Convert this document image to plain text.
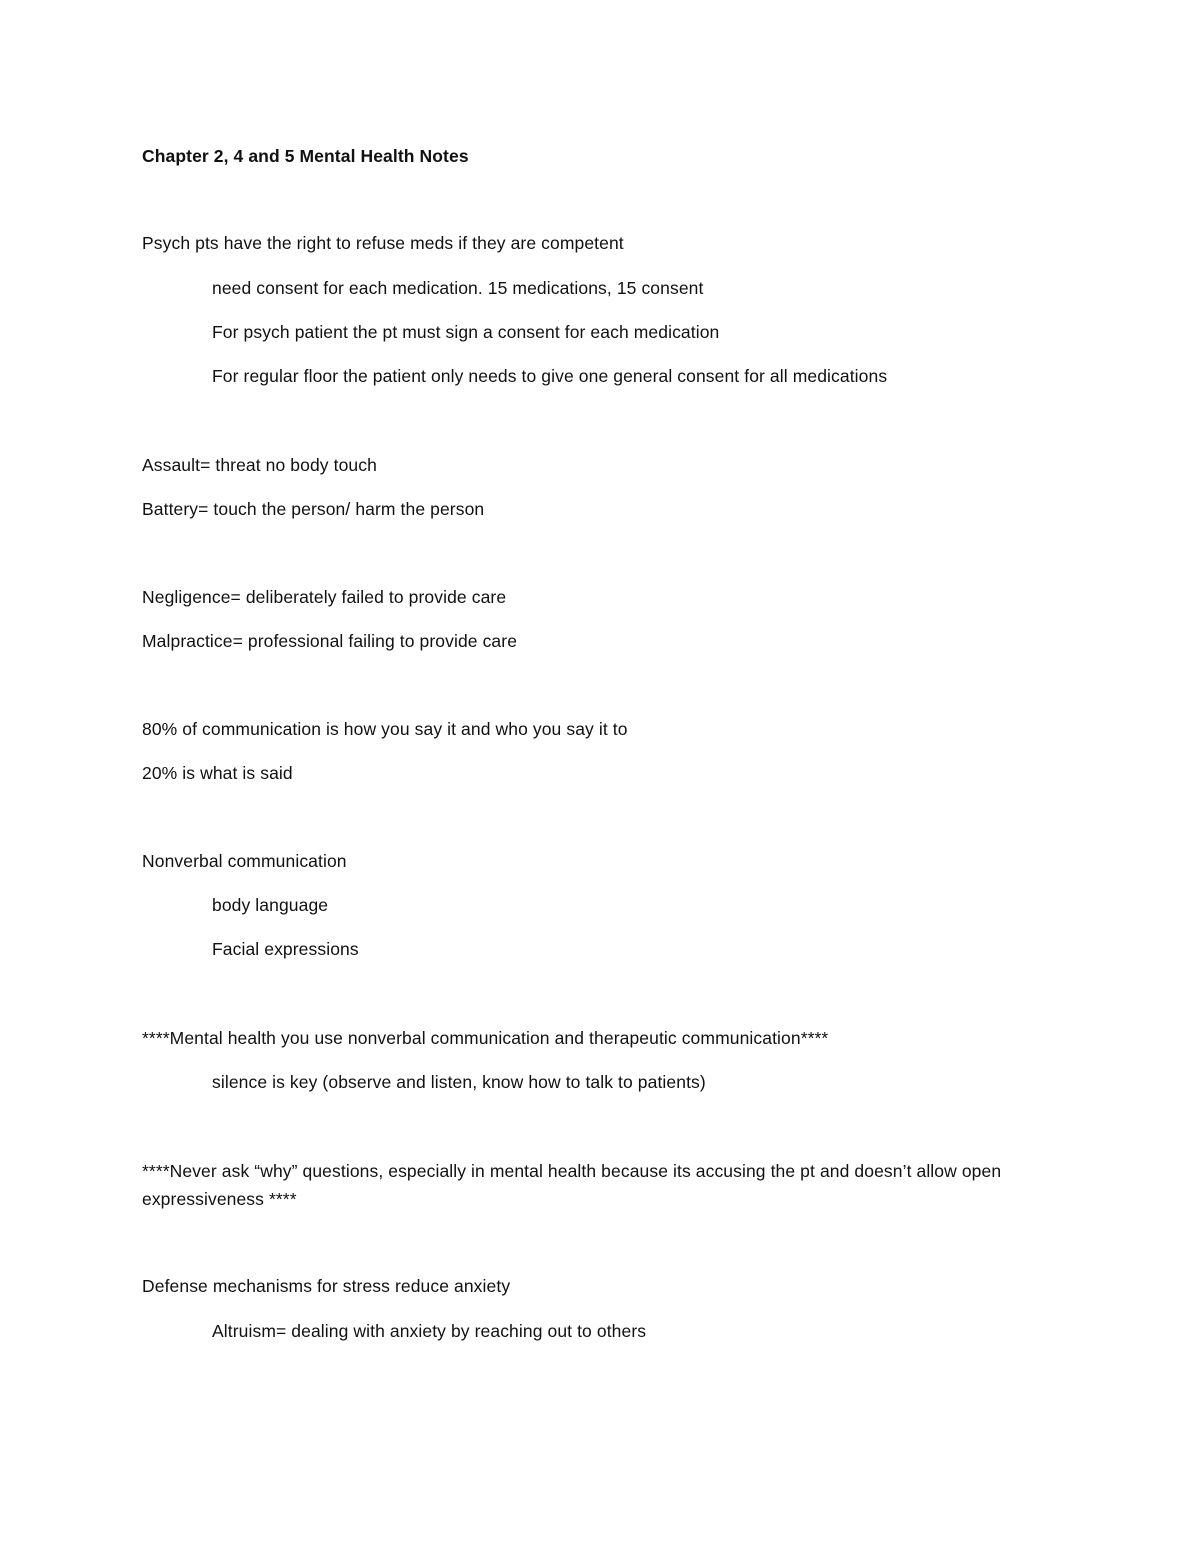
Chapter 2, 4 and 5 Mental Health Notes
Psych pts have the right to refuse meds if they are competent
need consent for each medication. 15 medications, 15 consent
For psych patient the pt must sign a consent for each medication
For regular floor the patient only needs to give one general consent for all medications
Assault= threat no body touch
Battery= touch the person/ harm the person
Negligence= deliberately failed to provide care
Malpractice= professional failing to provide care
80% of communication is how you say it and who you say it to
20% is what is said
Nonverbal communication
body language
Facial expressions
****Mental health you use nonverbal communication and therapeutic communication****
silence is key (observe and listen, know how to talk to patients)
****Never ask “why” questions, especially in mental health because its accusing the pt and doesn’t allow open expressiveness ****
Defense mechanisms for stress reduce anxiety
Altruism= dealing with anxiety by reaching out to others
